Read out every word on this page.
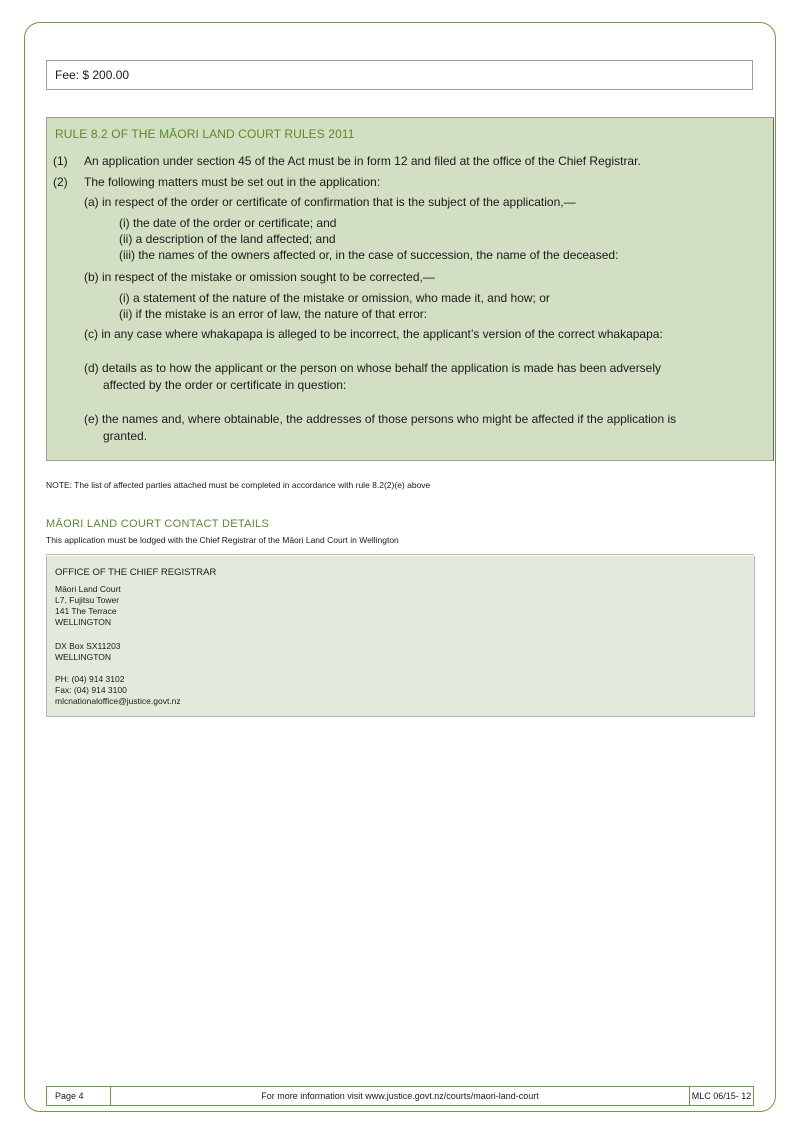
Fee: $ 200.00
RULE 8.2 OF THE MĀORI LAND COURT RULES 2011
(1) An application under section 45 of the Act must be in form 12 and filed at the office of the Chief Registrar.
(2) The following matters must be set out in the application:
(a) in respect of the order or certificate of confirmation that is the subject of the application,—
(i) the date of the order or certificate; and
(ii) a description of the land affected; and
(iii) the names of the owners affected or, in the case of succession, the name of the deceased:
(b) in respect of the mistake or omission sought to be corrected,—
(i) a statement of the nature of the mistake or omission, who made it, and how; or
(ii) if the mistake is an error of law, the nature of that error:
(c) in any case where whakapapa is alleged to be incorrect, the applicant’s version of the correct whakapapa:
(d) details as to how the applicant or the person on whose behalf the application is made has been adversely
affected by the order or certificate in question:
(e) the names and, where obtainable, the addresses of those persons who might be affected if the application is
granted.
NOTE: The list of affected parties attached must be completed in accordance with rule 8.2(2)(e) above
MĀORI LAND COURT CONTACT DETAILS
This application must be lodged with the Chief Registrar of the Māori Land Court in Wellington
OFFICE OF THE CHIEF REGISTRAR
Māori Land Court
L7, Fujitsu Tower
141 The Terrace
WELLINGTON
DX Box SX11203
WELLINGTON
PH: (04) 914 3102
Fax: (04) 914 3100
mlcnationaloffice@justice.govt.nz
Page 4	For more information visit www.justice.govt.nz/courts/maori-land-court	MLC 06/15- 12
